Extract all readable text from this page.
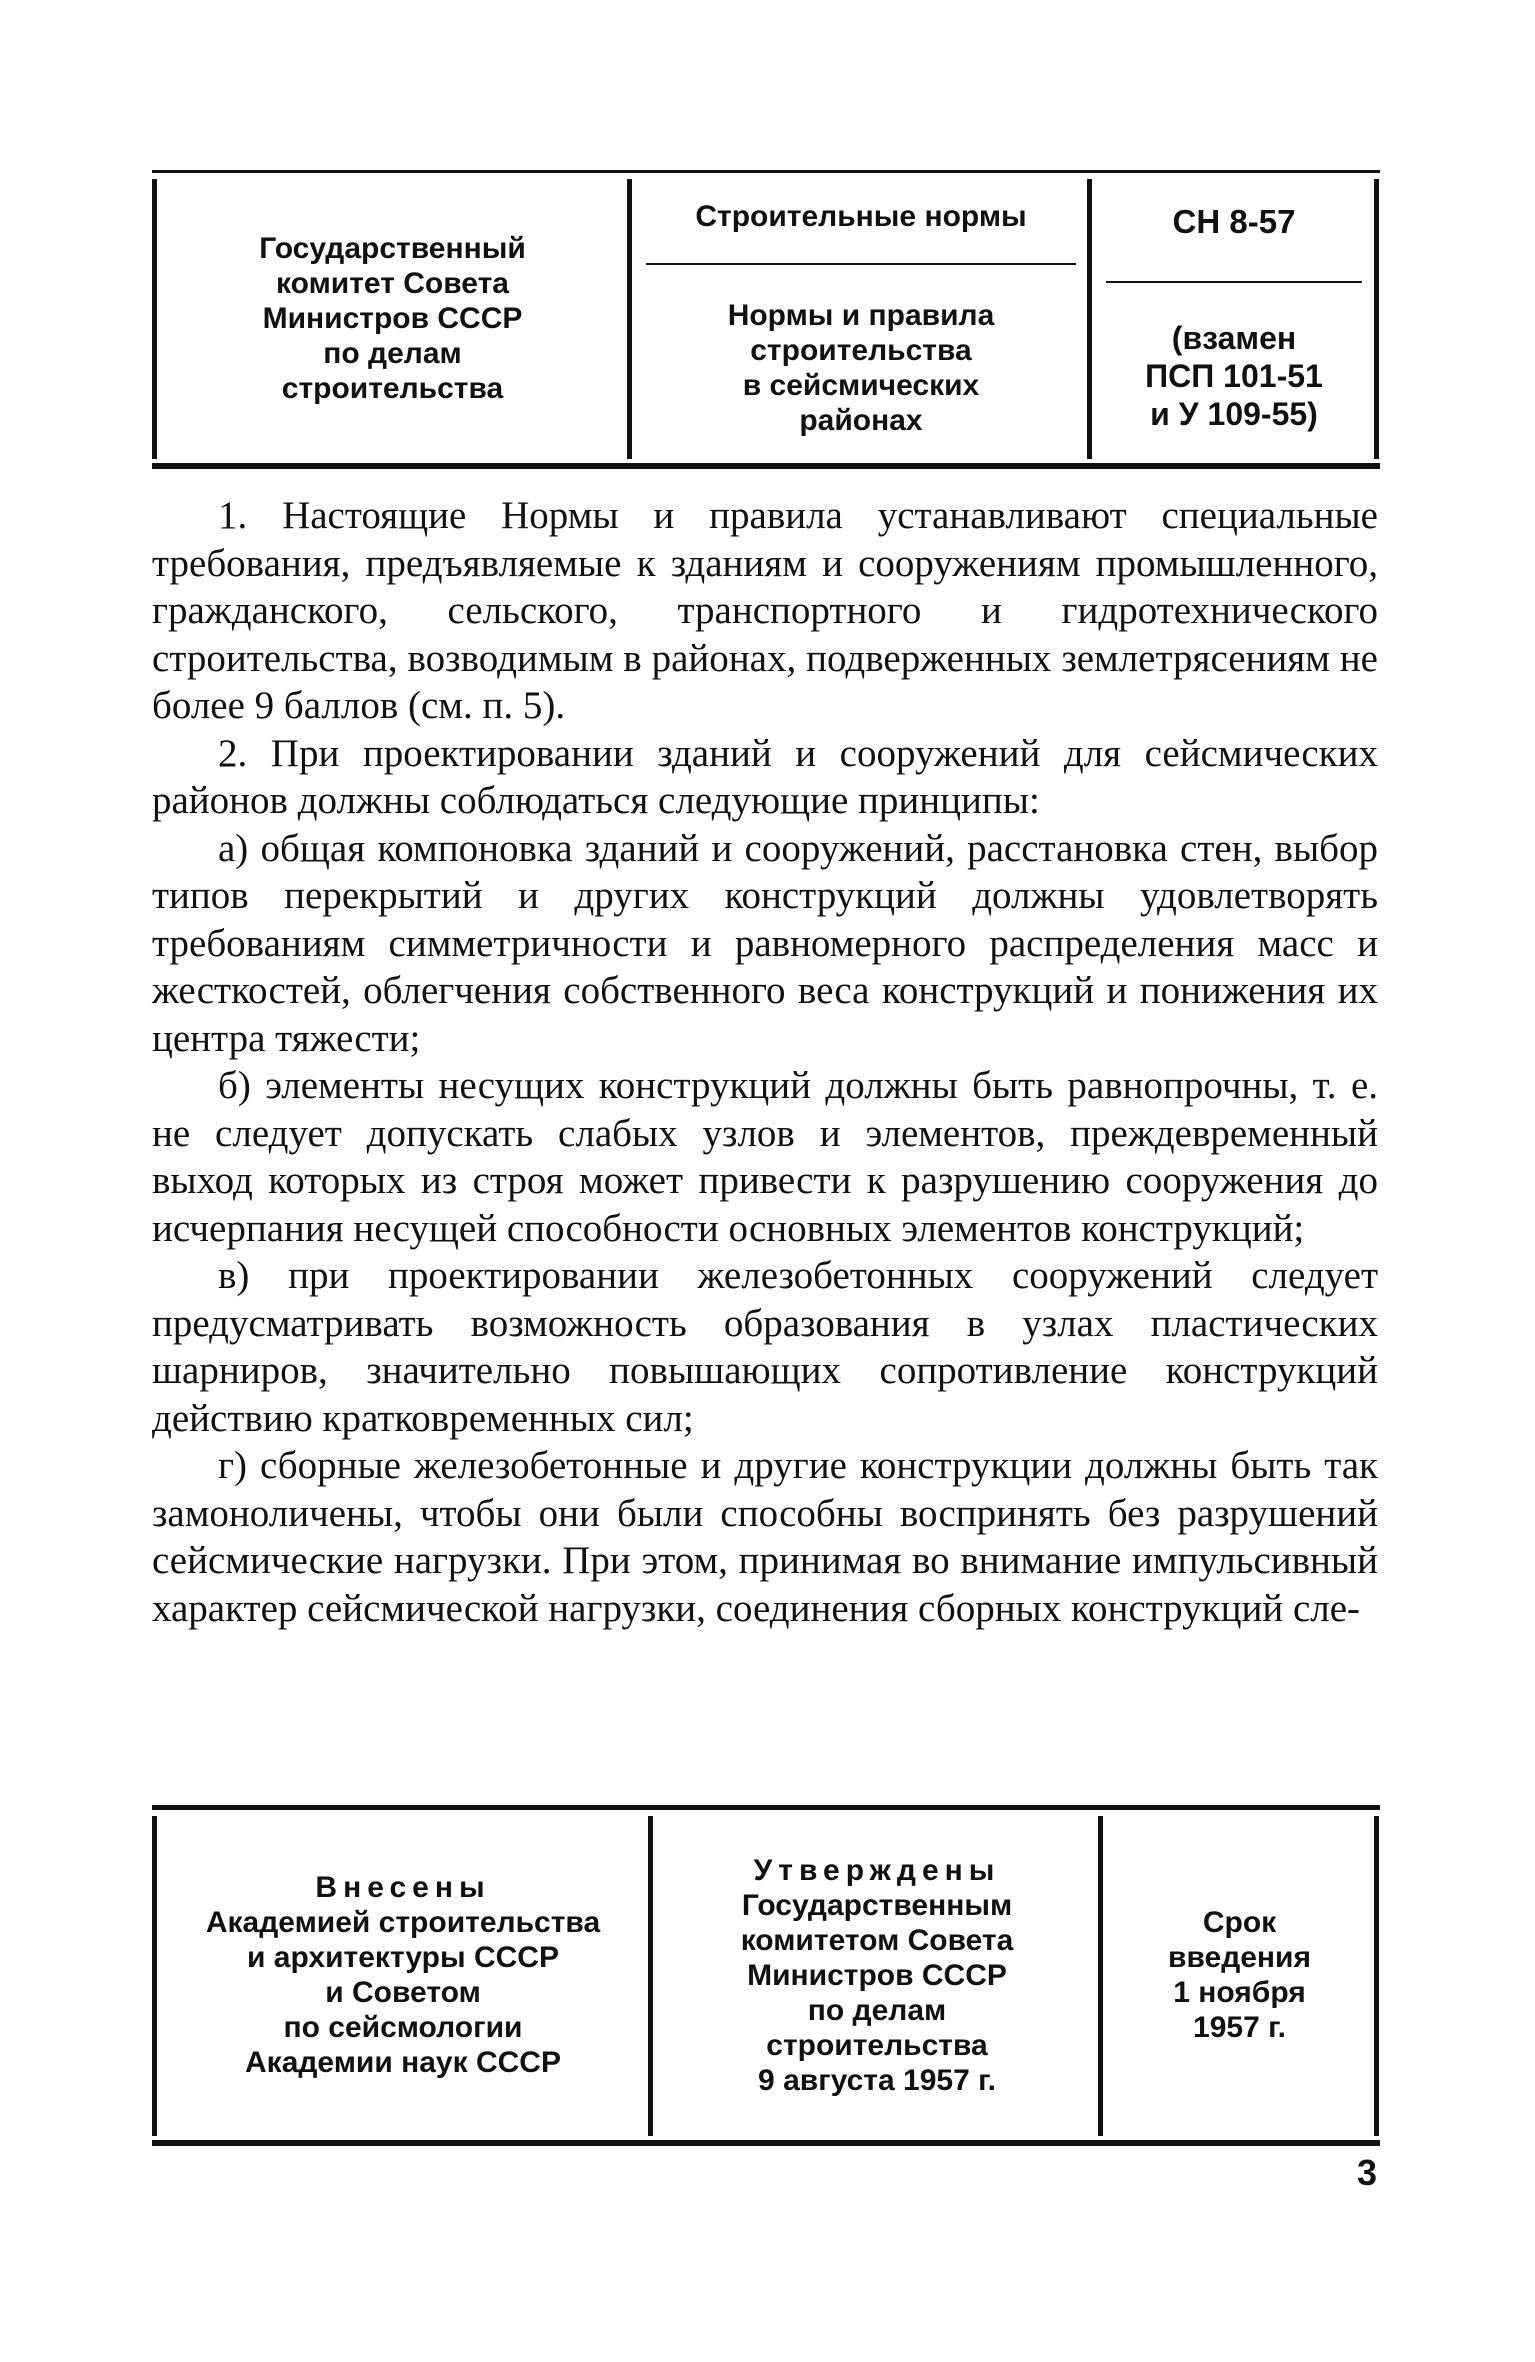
Государственный
комитет Совета
Министров СССР
по делам
строительства
Строительные нормы
Нормы и правила
строительства
в сейсмических
районах
СН 8-57
(взамен
ПСП 101-51
и У 109-55)

1. Настоящие Нормы и правила устанавливают специальные требования, предъявляемые к зданиям и сооружениям промышленного, гражданского, сельского, транспортного и гидротехнического строительства, возводимым в районах, подверженных землетрясениям не более 9 баллов (см. п. 5).

2. При проектировании зданий и сооружений для сейсмических районов должны соблюдаться следующие принципы:

а) общая компоновка зданий и сооружений, расстановка стен, выбор типов перекрытий и других конструкций должны удовлетворять требованиям симметричности и равномерного распределения масс и жесткостей, облегчения собственного веса конструкций и понижения их центра тяжести;

б) элементы несущих конструкций должны быть равнопрочны, т. е. не следует допускать слабых узлов и элементов, преждевременный выход которых из строя может привести к разрушению сооружения до исчерпания несущей способности основных элементов конструкций;

в) при проектировании железобетонных сооружений следует предусматривать возможность образования в узлах пластических шарниров, значительно повышающих сопротивление конструкций действию кратковременных сил;

г) сборные железобетонные и другие конструкции должны быть так замоноличены, чтобы они были способны воспринять без разрушений сейсмические нагрузки. При этом, принимая во внимание импульсивный характер сейсмической нагрузки, соединения сборных конструкций сле-

Внесены
Академией строительства
и архитектуры СССР
и Советом
по сейсмологии
Академии наук СССР
Утверждены
Государственным
комитетом Совета
Министров СССР
по делам
строительства
9 августа 1957 г.
Срок
введения
1 ноября
1957 г.
3
